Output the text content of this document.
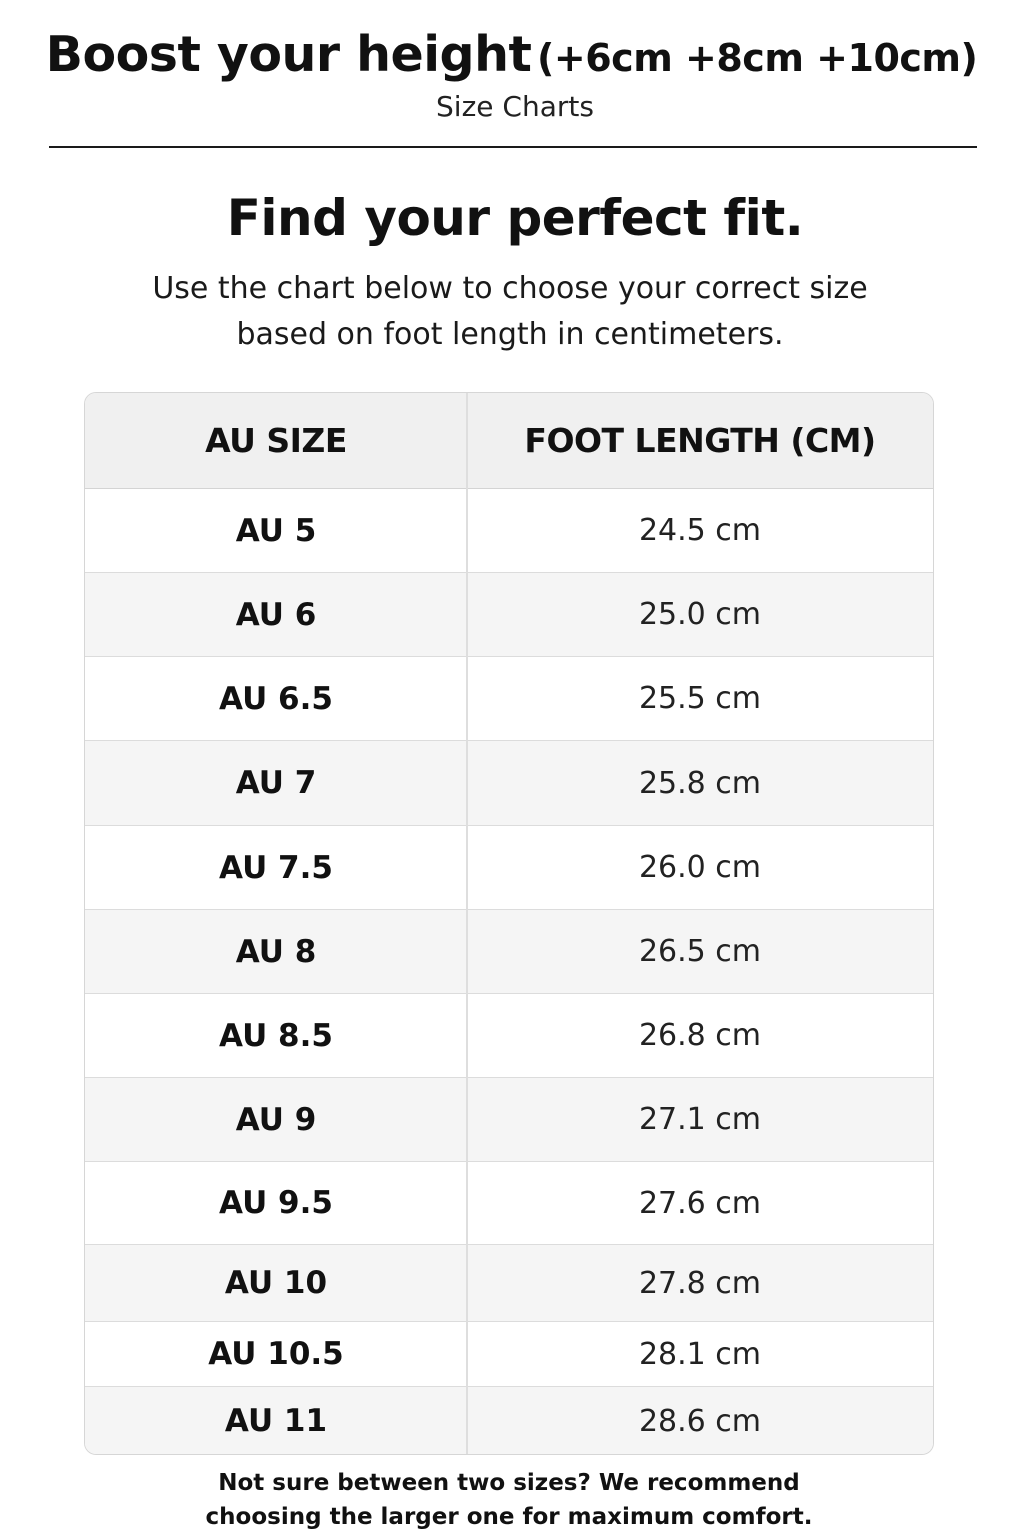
Boost your height (+6cm +8cm +10cm)
Size Charts
Find your perfect fit.
Use the chart below to choose your correct size
based on foot length in centimeters.
AU SIZE	FOOT LENGTH (CM)
AU 5	24.5 cm
AU 6	25.0 cm
AU 6.5	25.5 cm
AU 7	25.8 cm
AU 7.5	26.0 cm
AU 8	26.5 cm
AU 8.5	26.8 cm
AU 9	27.1 cm
AU 9.5	27.6 cm
AU 10	27.8 cm
AU 10.5	28.1 cm
AU 11	28.6 cm
Not sure between two sizes? We recommend
choosing the larger one for maximum comfort.
